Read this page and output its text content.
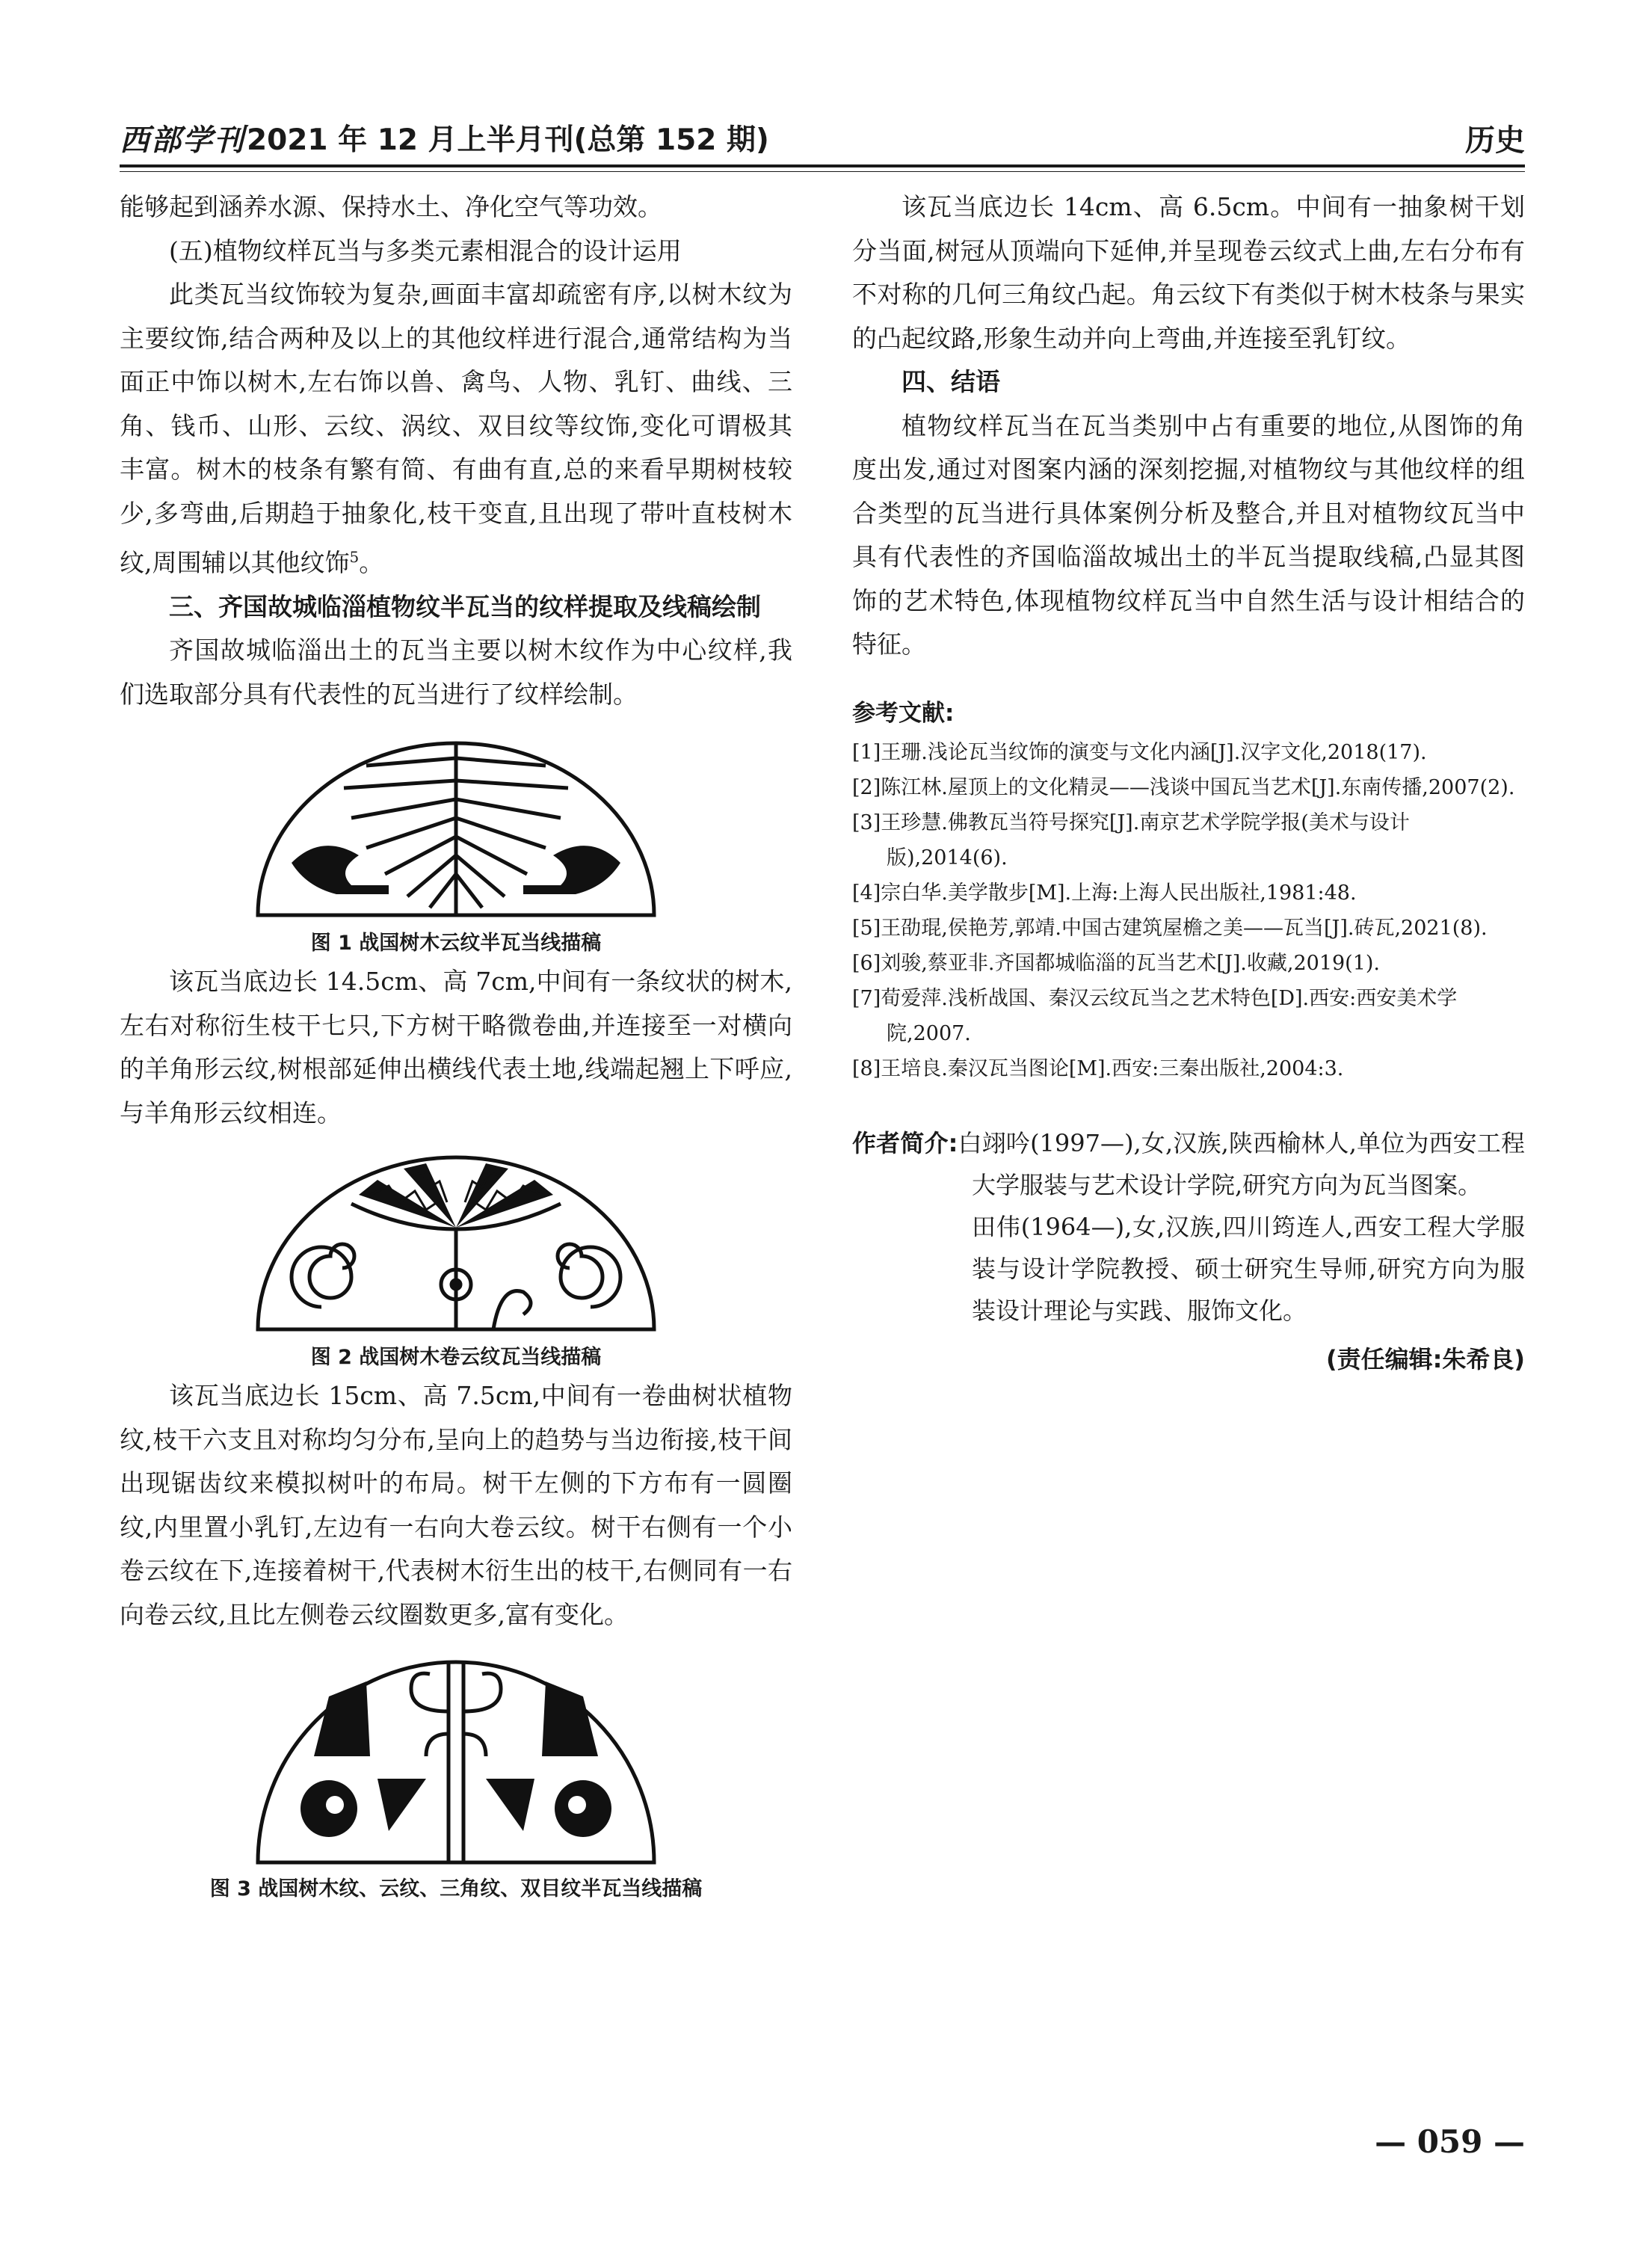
西部学刊 2021 年 12 月上半月刊(总第 152 期)	历史

能够起到涵养水源、保持水土、净化空气等功效。

(五)植物纹样瓦当与多类元素相混合的设计运用

此类瓦当纹饰较为复杂,画面丰富却疏密有序,以树木纹为主要纹饰,结合两种及以上的其他纹样进行混合,通常结构为当面正中饰以树木,左右饰以兽、禽鸟、人物、乳钉、曲线、三角、钱币、山形、云纹、涡纹、双目纹等纹饰,变化可谓极其丰富。树木的枝条有繁有简、有曲有直,总的来看早期树枝较少,多弯曲,后期趋于抽象化,枝干变直,且出现了带叶直枝树木纹,周围辅以其他纹饰$^5$。

三、齐国故城临淄植物纹半瓦当的纹样提取及线稿绘制

齐国故城临淄出土的瓦当主要以树木纹作为中心纹样,我们选取部分具有代表性的瓦当进行了纹样绘制。

图 1 战国树木云纹半瓦当线描稿

该瓦当底边长 14.5cm、高 7cm,中间有一条纹状的树木,左右对称衍生枝干七只,下方树干略微卷曲,并连接至一对横向的羊角形云纹,树根部延伸出横线代表土地,线端起翘上下呼应,与羊角形云纹相连。

图 2 战国树木卷云纹瓦当线描稿

该瓦当底边长 15cm、高 7.5cm,中间有一卷曲树状植物纹,枝干六支且对称均匀分布,呈向上的趋势与当边衔接,枝干间出现锯齿纹来模拟树叶的布局。树干左侧的下方布有一圆圈纹,内里置小乳钉,左边有一右向大卷云纹。树干右侧有一个小卷云纹在下,连接着树干,代表树木衍生出的枝干,右侧同有一右向卷云纹,且比左侧卷云纹圈数更多,富有变化。

图 3 战国树木纹、云纹、三角纹、双目纹半瓦当线描稿

该瓦当底边长 14cm、高 6.5cm。中间有一抽象树干划分当面,树冠从顶端向下延伸,并呈现卷云纹式上曲,左右分布有不对称的几何三角纹凸起。角云纹下有类似于树木枝条与果实的凸起纹路,形象生动并向上弯曲,并连接至乳钉纹。

四、结语

植物纹样瓦当在瓦当类别中占有重要的地位,从图饰的角度出发,通过对图案内涵的深刻挖掘,对植物纹与其他纹样的组合类型的瓦当进行具体案例分析及整合,并且对植物纹瓦当中具有代表性的齐国临淄故城出土的半瓦当提取线稿,凸显其图饰的艺术特色,体现植物纹样瓦当中自然生活与设计相结合的特征。

参考文献:

[1]王珊.浅论瓦当纹饰的演变与文化内涵[J].汉字文化,2018(17).

[2]陈江林.屋顶上的文化精灵——浅谈中国瓦当艺术[J].东南传播,2007(2).

[3]王珍慧.佛教瓦当符号探究[J].南京艺术学院学报(美术与设计版),2014(6).

[4]宗白华.美学散步[M].上海:上海人民出版社,1981:48.

[5]王劭琨,侯艳芳,郭靖.中国古建筑屋檐之美——瓦当[J].砖瓦,2021(8).

[6]刘骏,蔡亚非.齐国都城临淄的瓦当艺术[J].收藏,2019(1).

[7]荀爱萍.浅析战国、秦汉云纹瓦当之艺术特色[D].西安:西安美术学院,2007.

[8]王培良.秦汉瓦当图论[M].西安:三秦出版社,2004:3.

作者简介:白翊吟(1997—),女,汉族,陕西榆林人,单位为西安工程大学服装与艺术设计学院,研究方向为瓦当图案。

田伟(1964—),女,汉族,四川筠连人,西安工程大学服装与设计学院教授、硕士研究生导师,研究方向为服装设计理论与实践、服饰文化。

(责任编辑:朱希良)
— 059 —
